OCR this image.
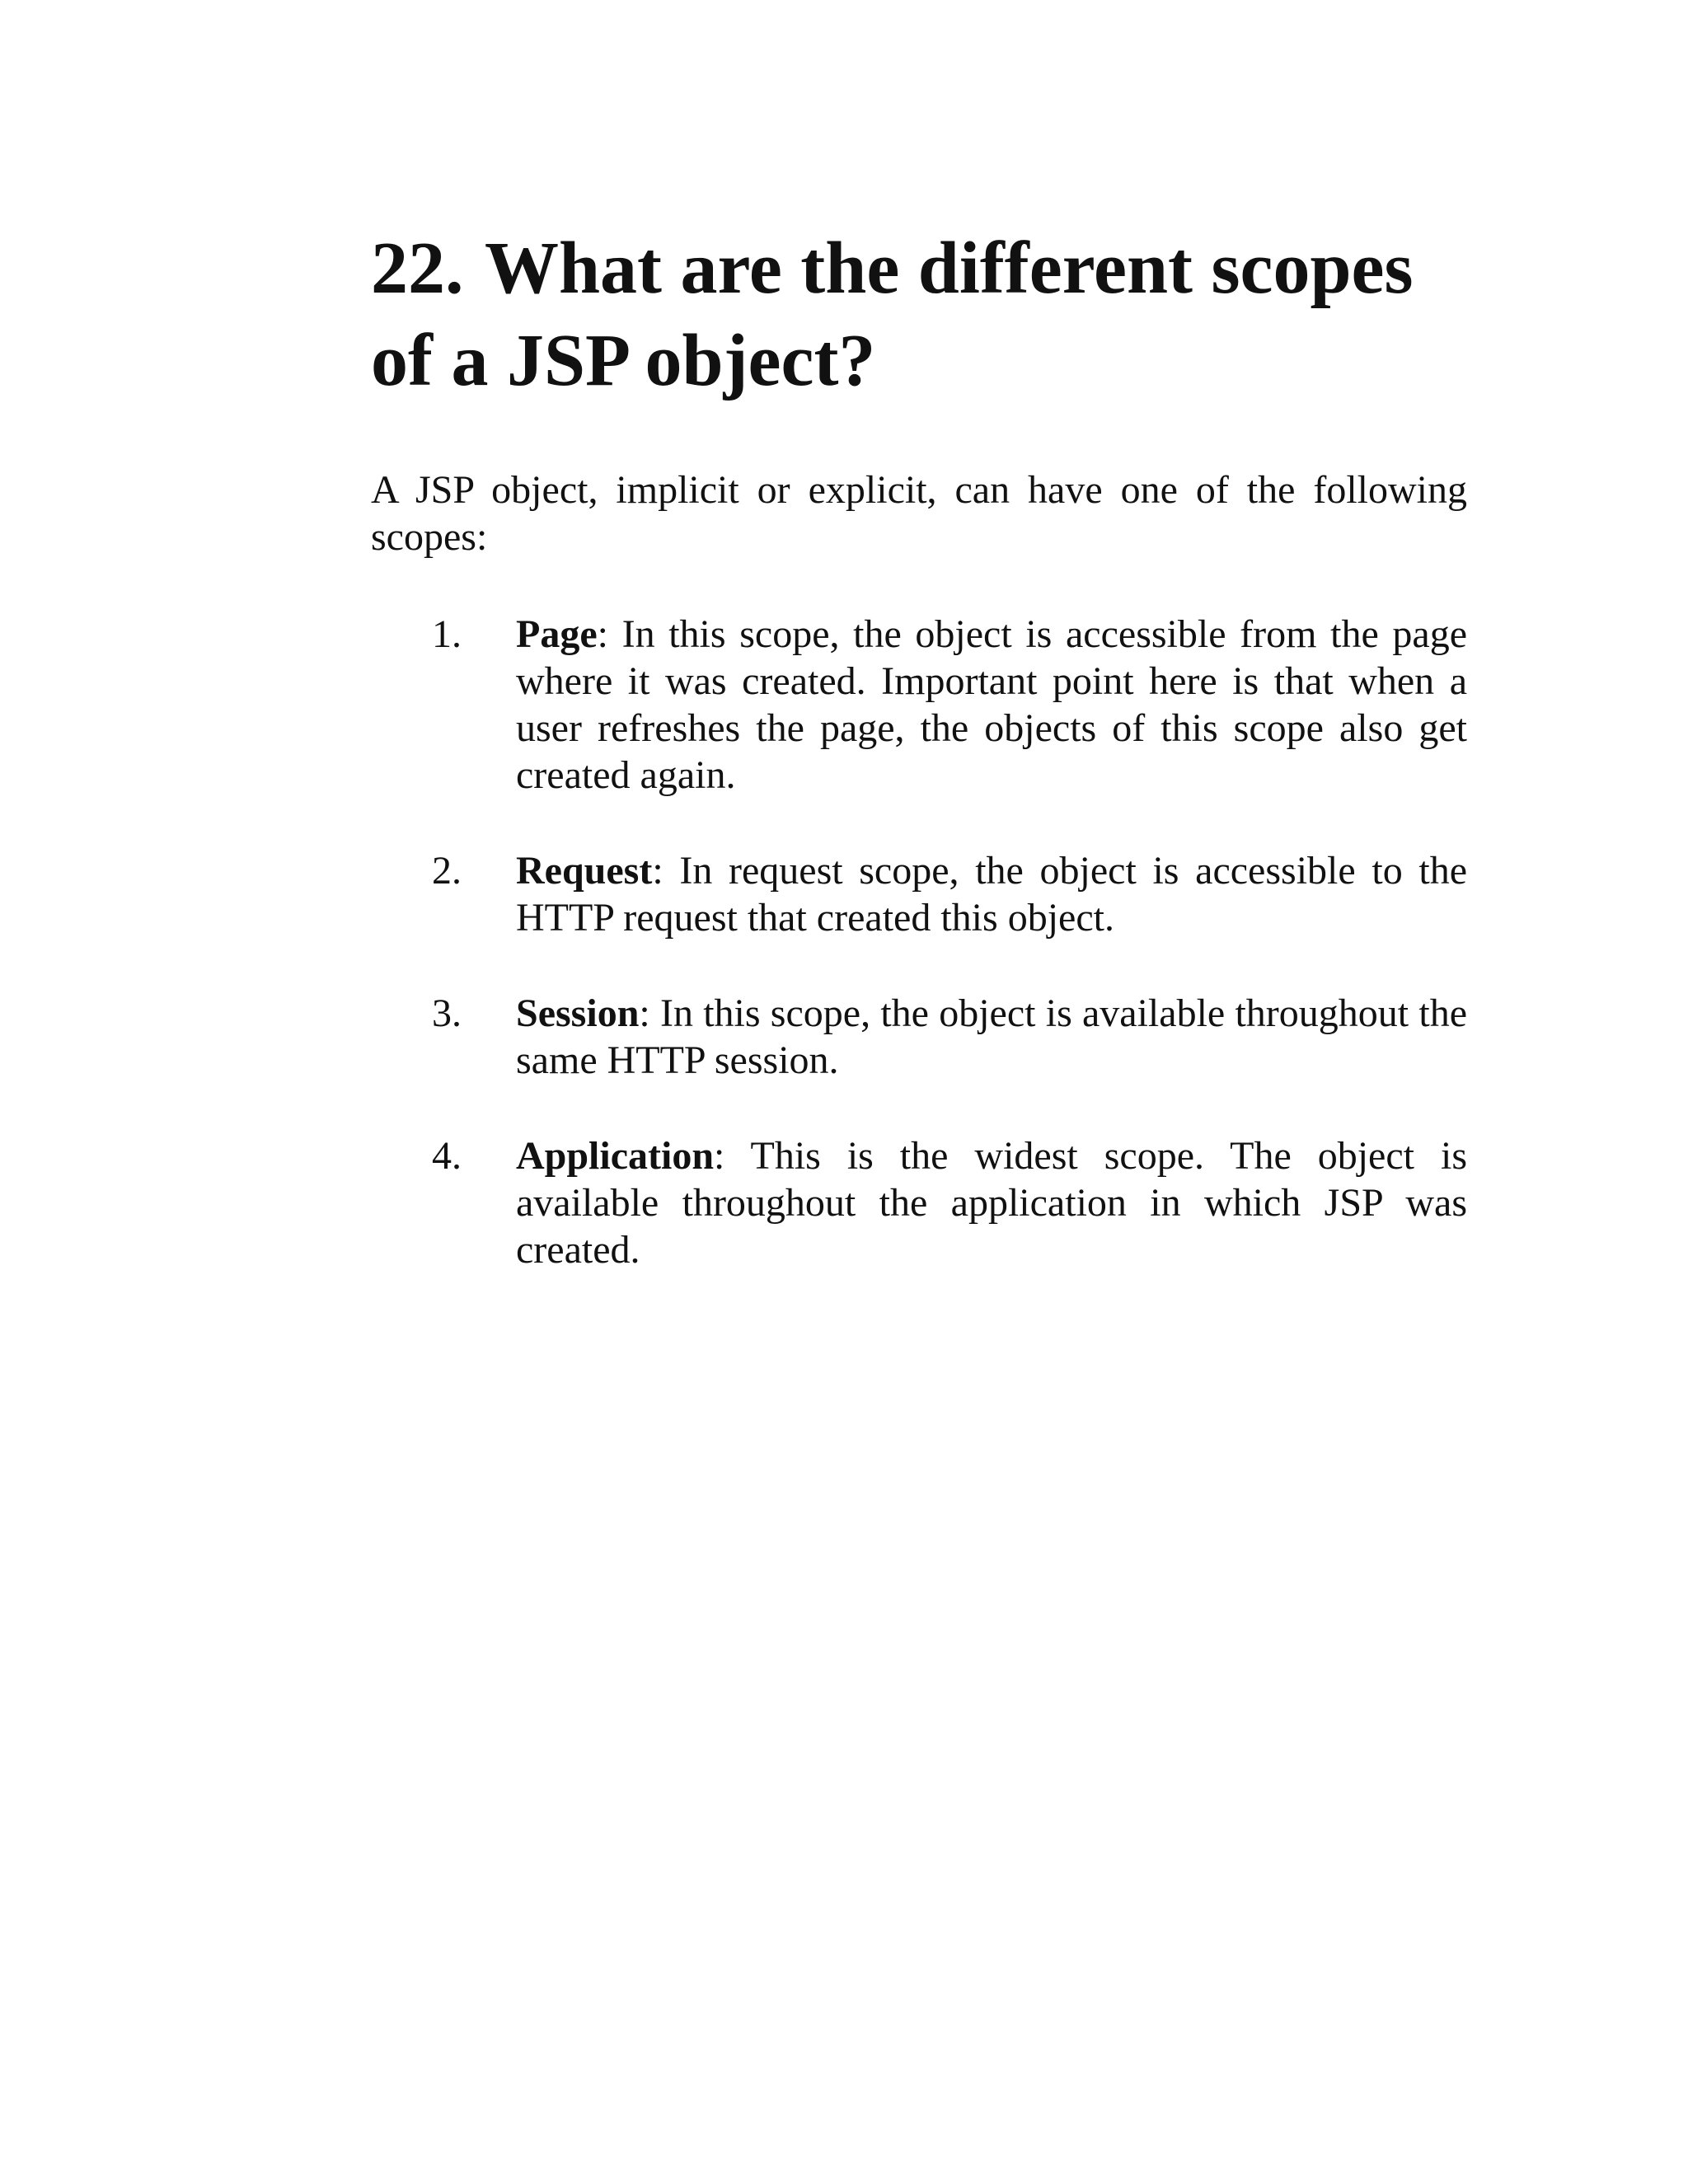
22. What are the different scopes of a JSP object?

A JSP object, implicit or explicit, can have one of the following scopes:

1. Page: In this scope, the object is accessible from the page where it was created. Important point here is that when a user refreshes the page, the objects of this scope also get created again.
2. Request: In request scope, the object is accessible to the HTTP request that created this object.
3. Session: In this scope, the object is available throughout the same HTTP session.
4. Application: This is the widest scope. The object is available throughout the application in which JSP was created.
